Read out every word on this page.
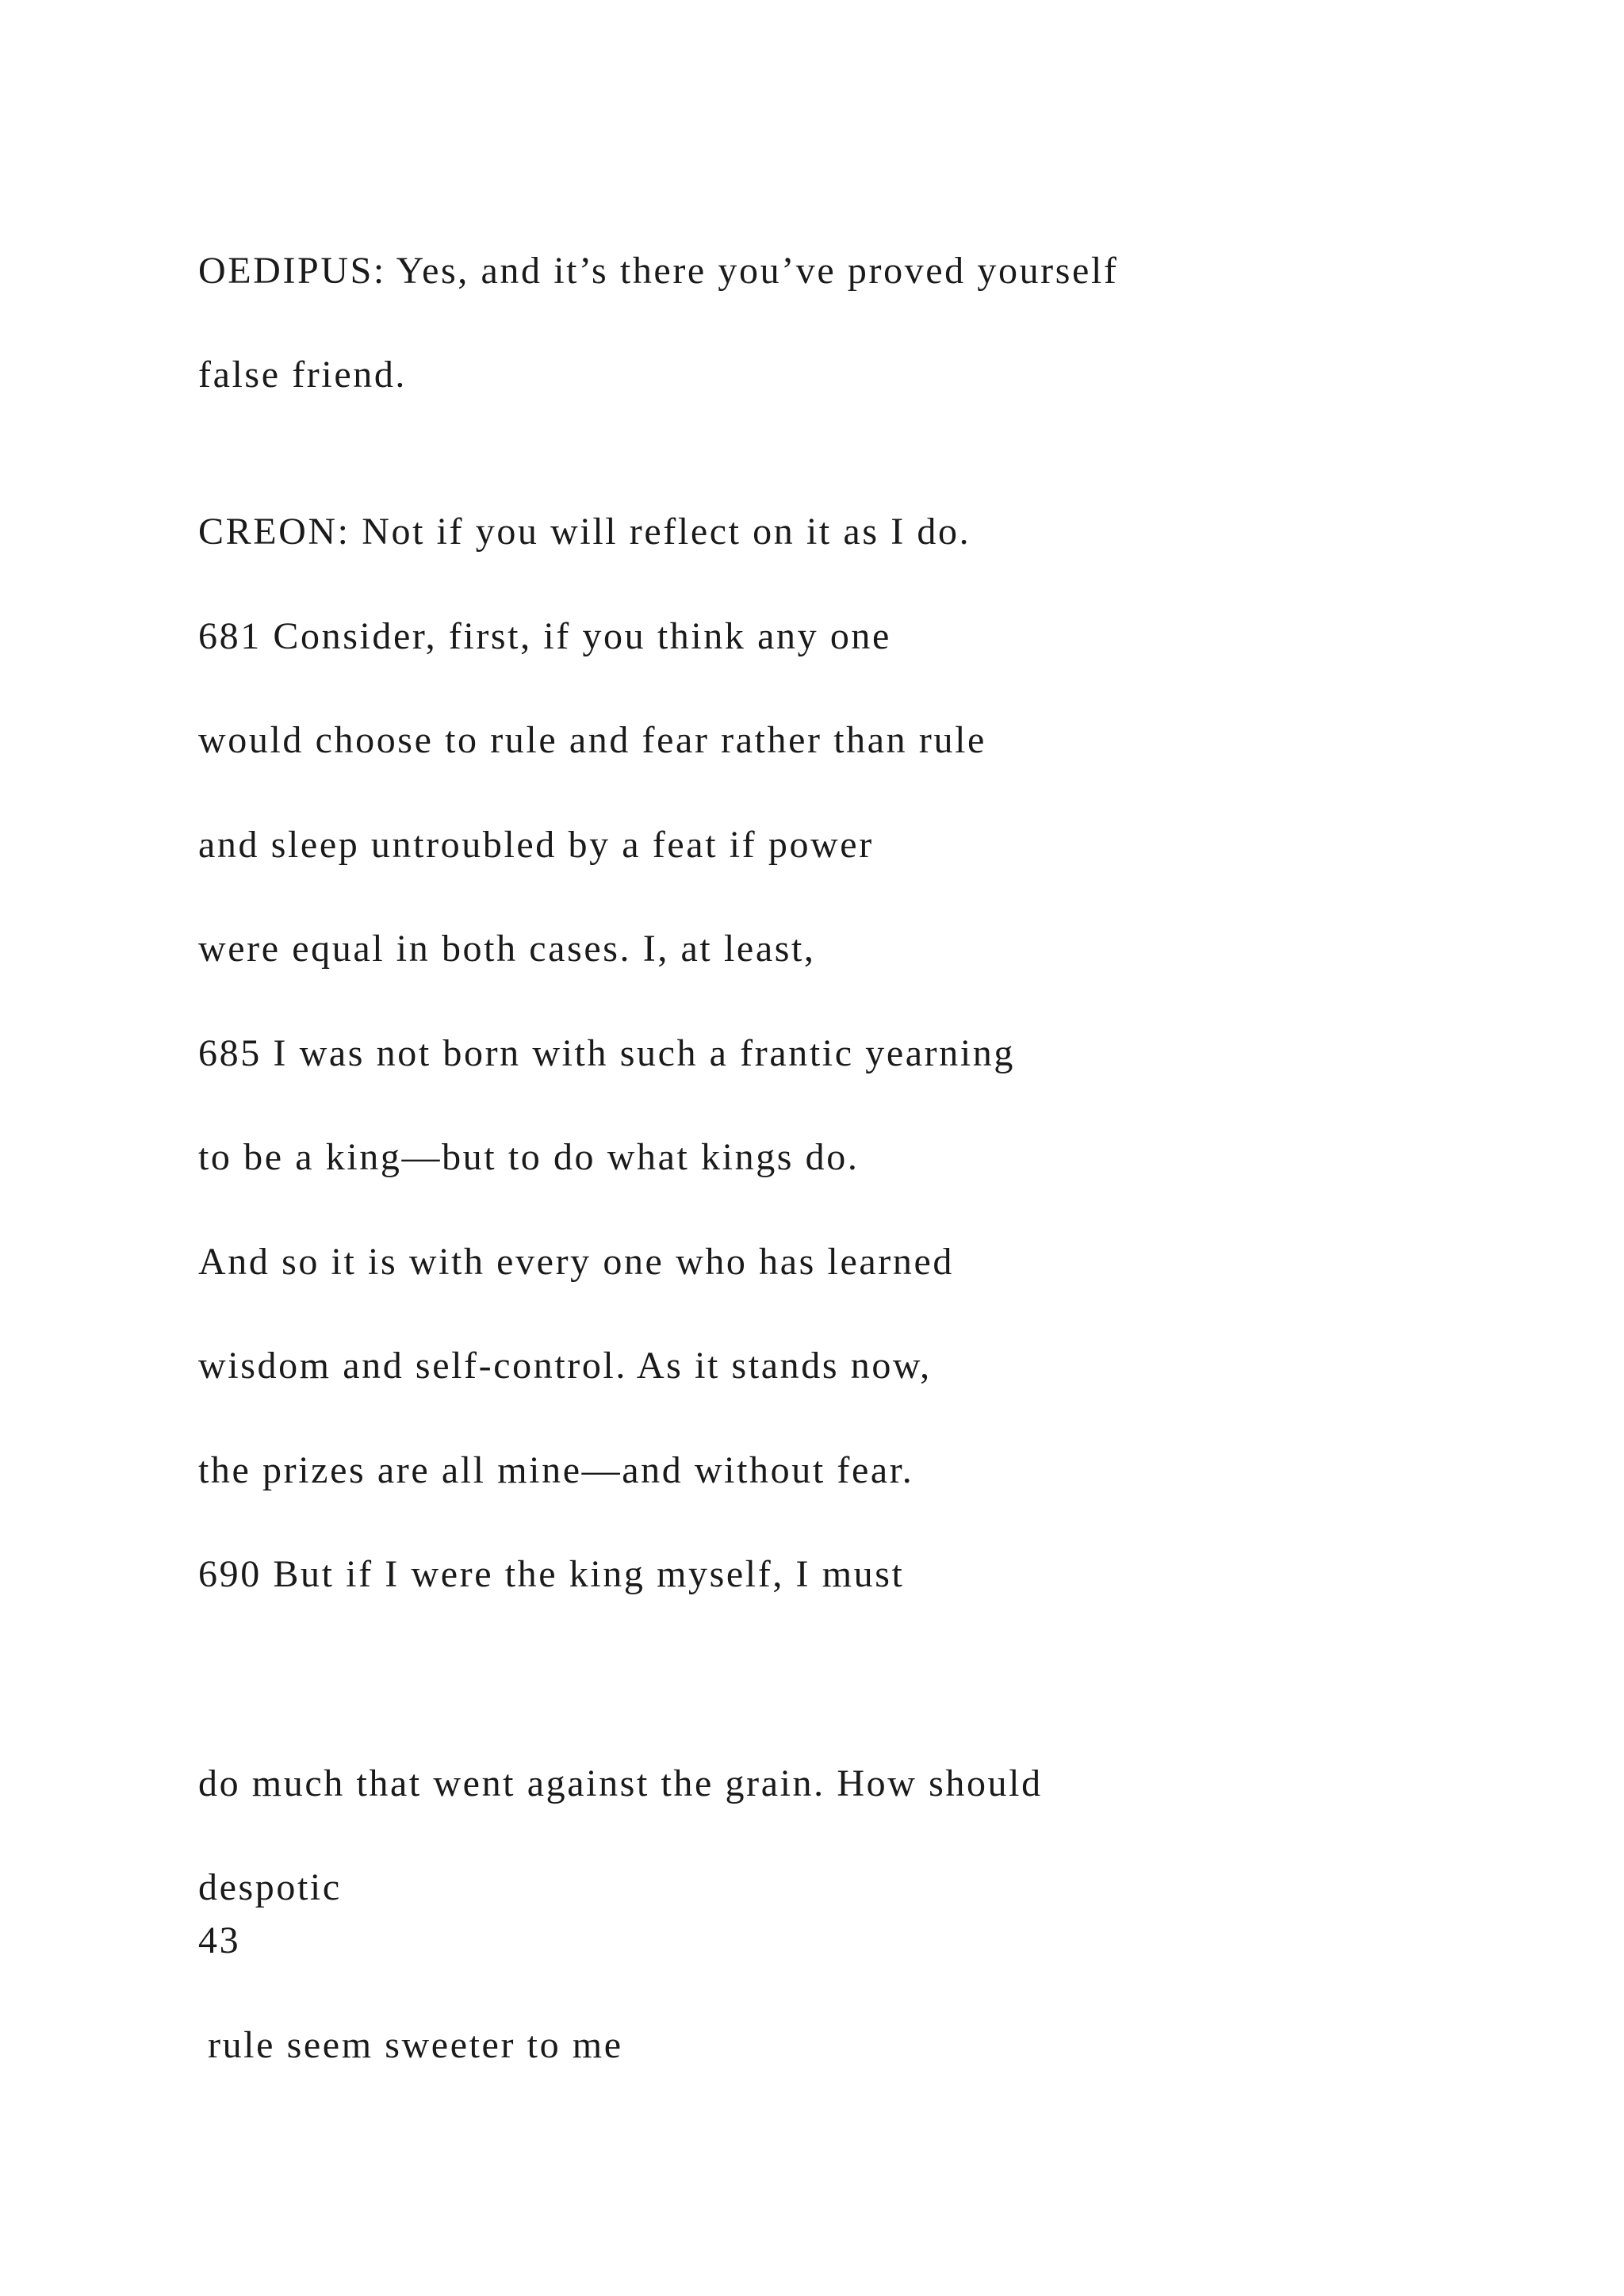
OEDIPUS: Yes, and it’s there you’ve proved yourself
false friend.
CREON: Not if you will reflect on it as I do.
681 Consider, first, if you think any one
would choose to rule and fear rather than rule
and sleep untroubled by a feat if power
were equal in both cases. I, at least,
685 I was not born with such a frantic yearning
to be a king—but to do what kings do.
And so it is with every one who has learned
wisdom and self-control. As it stands now,
the prizes are all mine—and without fear.
690 But if I were the king myself, I must
do much that went against the grain. How should
despotic
43
rule seem sweeter to me
